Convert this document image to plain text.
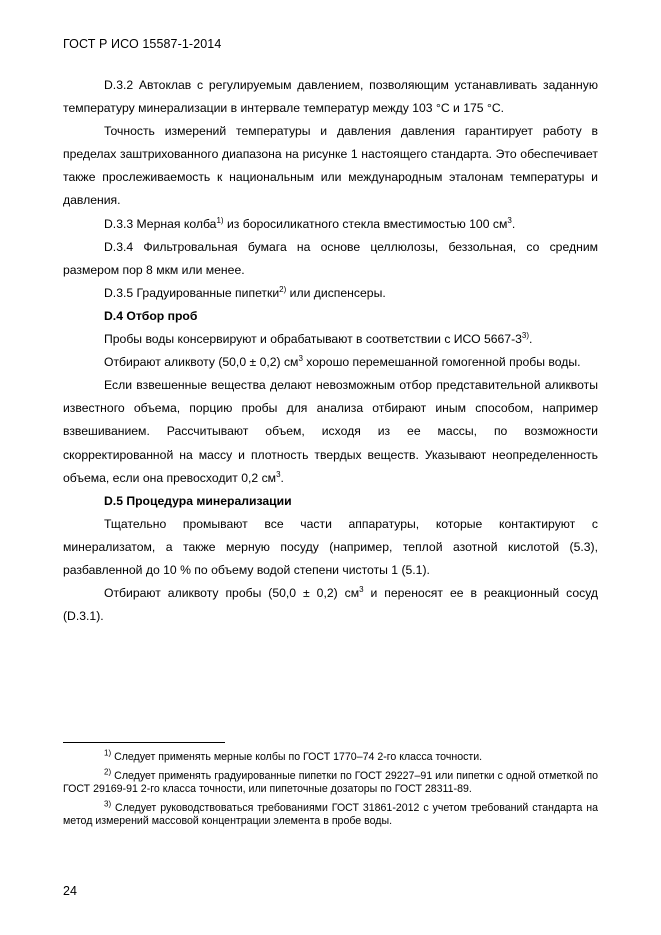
ГОСТ Р ИСО 15587-1-2014

D.3.2 Автоклав с регулируемым давлением, позволяющим устанавливать заданную температуру минерализации в интервале температур между 103 °C и 175 °C.

Точность измерений температуры и давления давления гарантирует работу в пределах заштрихованного диапазона на рисунке 1 настоящего стандарта. Это обеспечивает также прослеживаемость к национальным или международным эталонам температуры и давления.

D.3.3 Мерная колба$^{1)}$ из боросиликатного стекла вместимостью 100 $см^3$.

D.3.4 Фильтровальная бумага на основе целлюлозы, беззольная, со средним размером пор 8 мкм или менее.

D.3.5 Градуированные пипетки$^{2)}$ или диспенсеры.

D.4 Отбор проб

Пробы воды консервируют и обрабатывают в соответствии с ИСО 5667-3$^{3)}$.

Отбирают аликвоту (50,0 ± 0,2) $см^3$ хорошо перемешанной гомогенной пробы воды.

Если взвешенные вещества делают невозможным отбор представительной аликвоты известного объема, порцию пробы для анализа отбирают иным способом, например взвешиванием. Рассчитывают объем, исходя из ее массы, по возможности скорректированной на массу и плотность твердых веществ. Указывают неопределенность объема, если она превосходит 0,2 $см^3$.

D.5 Процедура минерализации

Тщательно промывают все части аппаратуры, которые контактируют с минерализатом, а также мерную посуду (например, теплой азотной кислотой (5.3), разбавленной до 10 % по объему водой степени чистоты 1 (5.1).

Отбирают аликвоту пробы (50,0 ± 0,2) $см^3$ и переносят ее в реакционный сосуд (D.3.1).

$^{1)}$ Следует применять мерные колбы по ГОСТ 1770–74 2-го класса точности.

$^{2)}$ Следует применять градуированные пипетки по ГОСТ 29227–91 или пипетки с одной отметкой по ГОСТ 29169-91 2-го класса точности, или пипеточные дозаторы по ГОСТ 28311-89.

$^{3)}$ Следует руководствоваться требованиями ГОСТ 31861-2012 с учетом требований стандарта на метод измерений массовой концентрации элемента в пробе воды.

24
